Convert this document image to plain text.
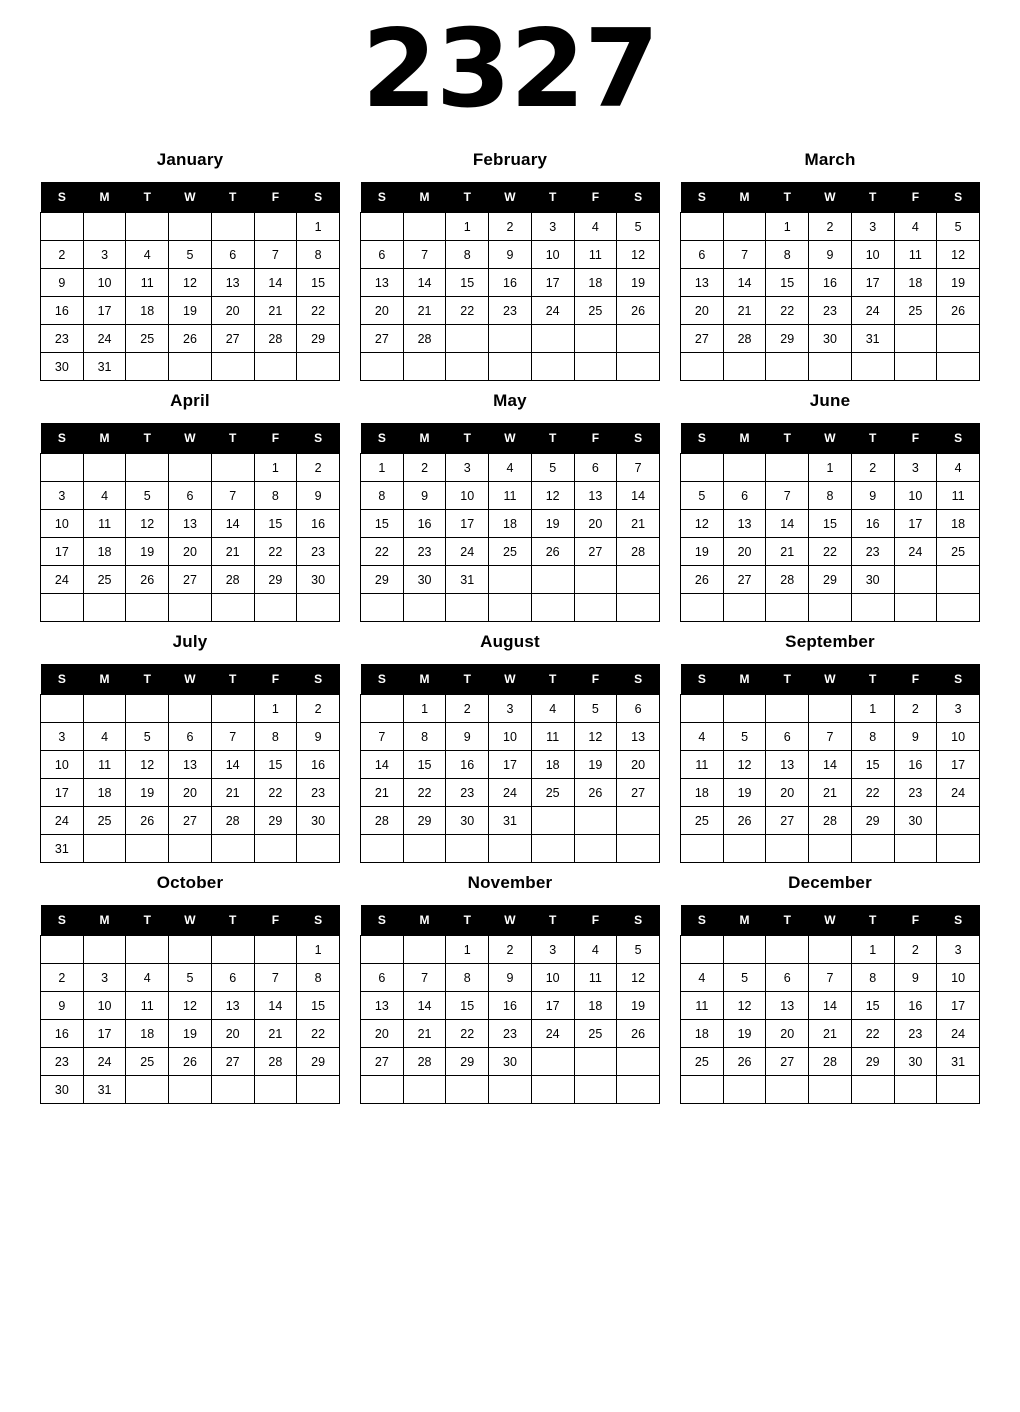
2327
January
S	M	T	W	T	F	S
						1
2	3	4	5	6	7	8
9	10	11	12	13	14	15
16	17	18	19	20	21	22
23	24	25	26	27	28	29
30	31					
February
S	M	T	W	T	F	S
		1	2	3	4	5
6	7	8	9	10	11	12
13	14	15	16	17	18	19
20	21	22	23	24	25	26
27	28					

March
S	M	T	W	T	F	S
		1	2	3	4	5
6	7	8	9	10	11	12
13	14	15	16	17	18	19
20	21	22	23	24	25	26
27	28	29	30	31		

April
S	M	T	W	T	F	S
					1	2
3	4	5	6	7	8	9
10	11	12	13	14	15	16
17	18	19	20	21	22	23
24	25	26	27	28	29	30

May
S	M	T	W	T	F	S
1	2	3	4	5	6	7
8	9	10	11	12	13	14
15	16	17	18	19	20	21
22	23	24	25	26	27	28
29	30	31				

June
S	M	T	W	T	F	S
			1	2	3	4
5	6	7	8	9	10	11
12	13	14	15	16	17	18
19	20	21	22	23	24	25
26	27	28	29	30		

July
S	M	T	W	T	F	S
					1	2
3	4	5	6	7	8	9
10	11	12	13	14	15	16
17	18	19	20	21	22	23
24	25	26	27	28	29	30
31						
August
S	M	T	W	T	F	S
	1	2	3	4	5	6
7	8	9	10	11	12	13
14	15	16	17	18	19	20
21	22	23	24	25	26	27
28	29	30	31			

September
S	M	T	W	T	F	S
				1	2	3
4	5	6	7	8	9	10
11	12	13	14	15	16	17
18	19	20	21	22	23	24
25	26	27	28	29	30	

October
S	M	T	W	T	F	S
						1
2	3	4	5	6	7	8
9	10	11	12	13	14	15
16	17	18	19	20	21	22
23	24	25	26	27	28	29
30	31					
November
S	M	T	W	T	F	S
		1	2	3	4	5
6	7	8	9	10	11	12
13	14	15	16	17	18	19
20	21	22	23	24	25	26
27	28	29	30			

December
S	M	T	W	T	F	S
				1	2	3
4	5	6	7	8	9	10
11	12	13	14	15	16	17
18	19	20	21	22	23	24
25	26	27	28	29	30	31
